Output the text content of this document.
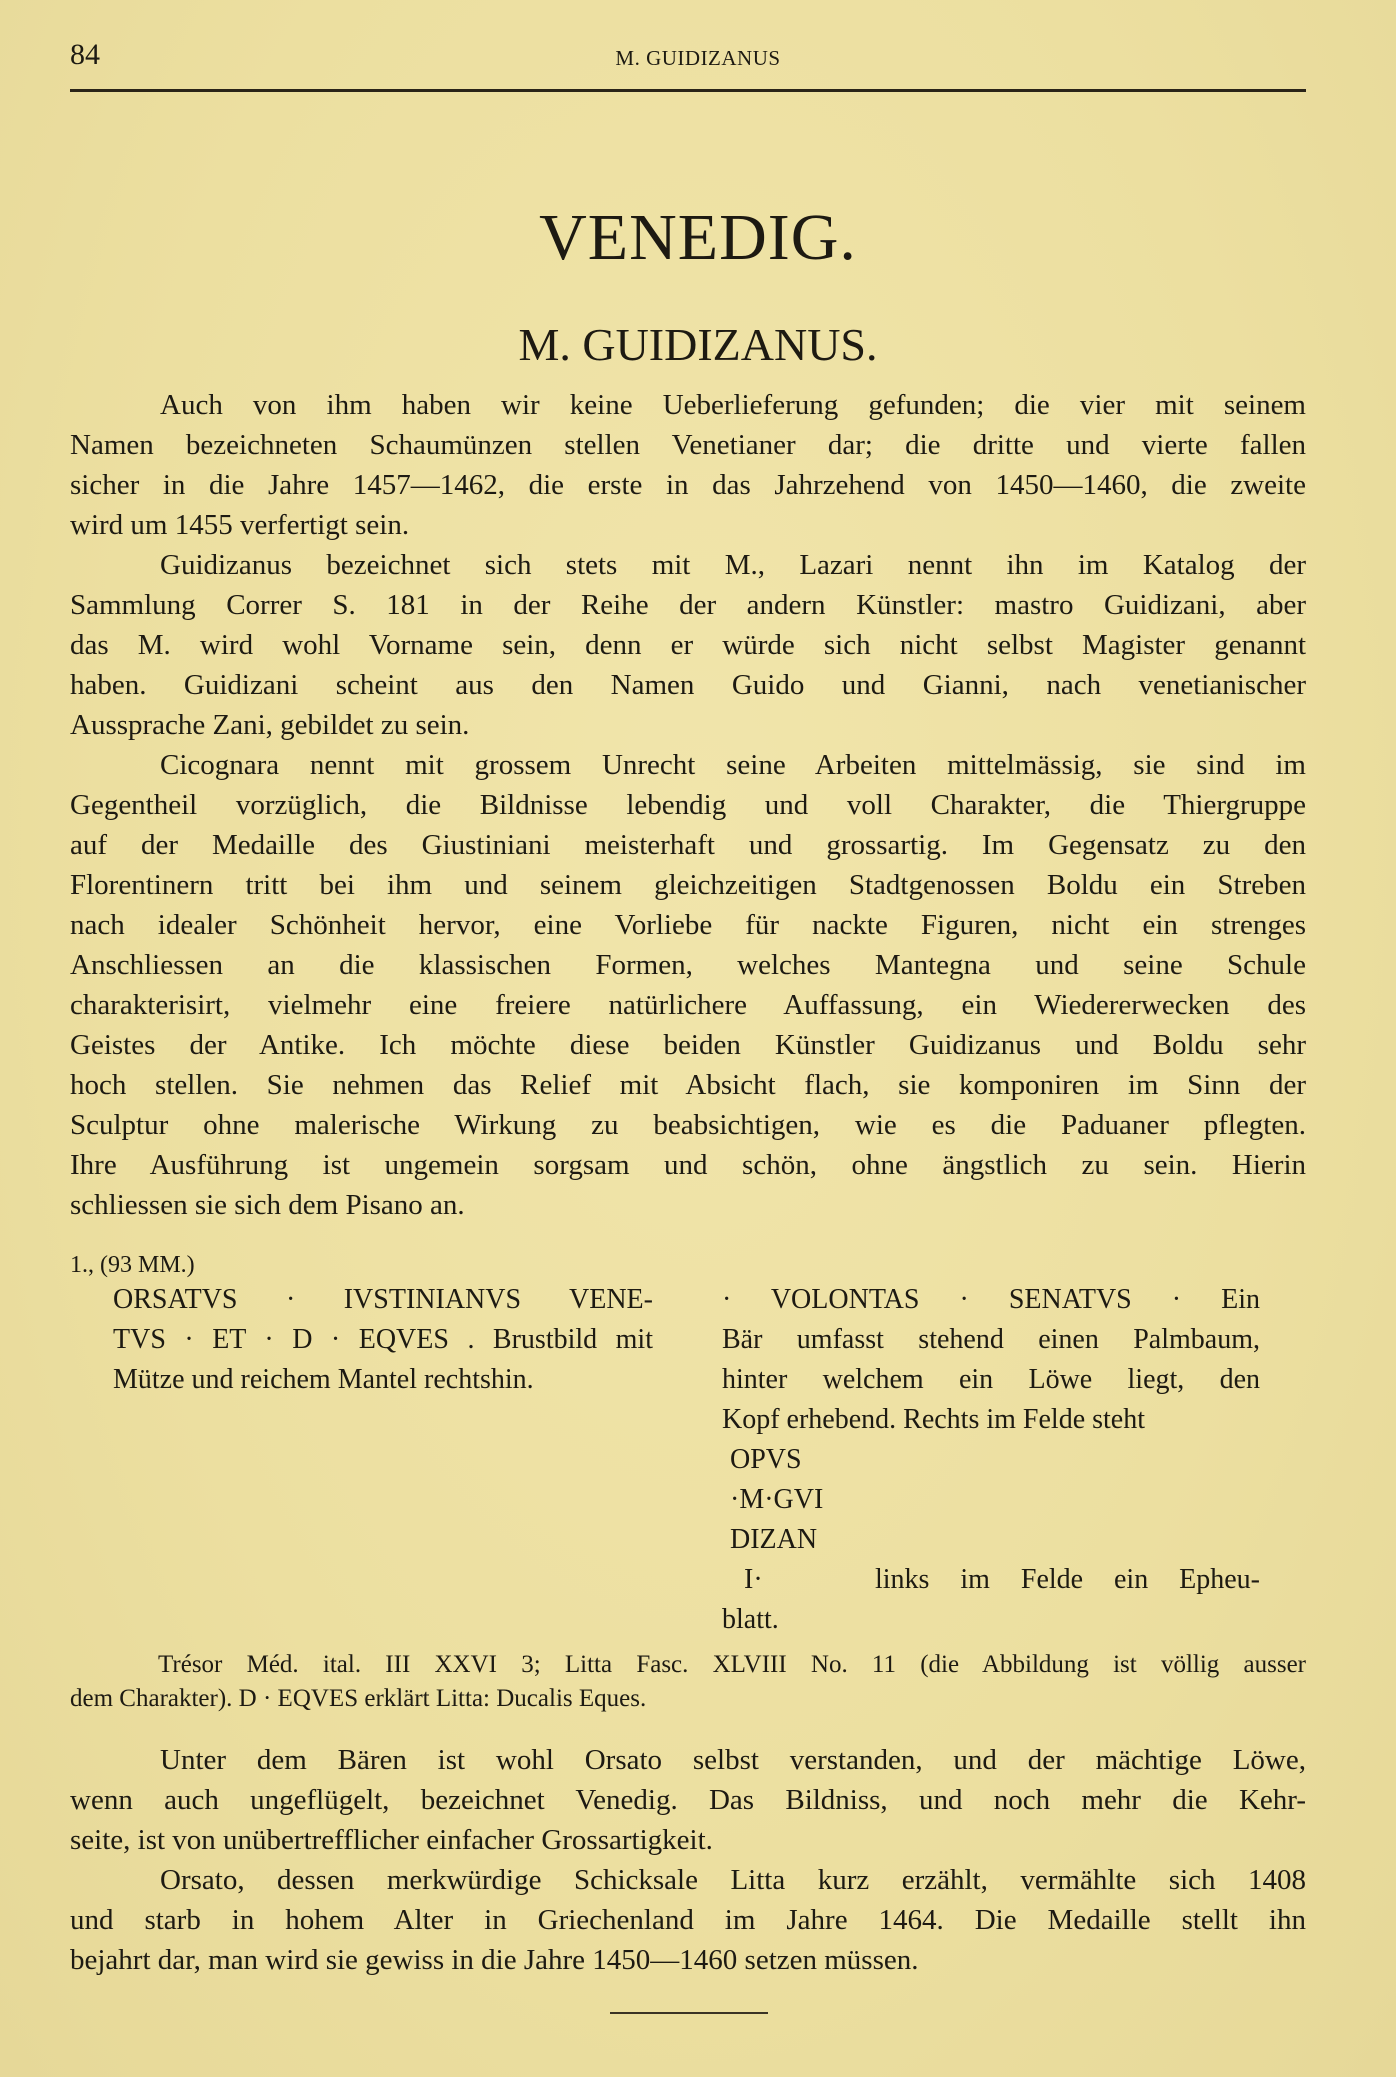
84	M. GUIDIZANUS
VENEDIG.
M. GUIDIZANUS.
Auch von ihm haben wir keine Ueberlieferung gefunden; die vier mit seinem
Namen bezeichneten Schaumünzen stellen Venetianer dar; die dritte und vierte fallen
sicher in die Jahre 1457—1462, die erste in das Jahrzehend von 1450—1460, die zweite
wird um 1455 verfertigt sein.
Guidizanus bezeichnet sich stets mit M., Lazari nennt ihn im Katalog der
Sammlung Correr S. 181 in der Reihe der andern Künstler: mastro Guidizani, aber
das M. wird wohl Vorname sein, denn er würde sich nicht selbst Magister genannt
haben. Guidizani scheint aus den Namen Guido und Gianni, nach venetianischer
Aussprache Zani, gebildet zu sein.
Cicognara nennt mit grossem Unrecht seine Arbeiten mittelmässig, sie sind im
Gegentheil vorzüglich, die Bildnisse lebendig und voll Charakter, die Thiergruppe
auf der Medaille des Giustiniani meisterhaft und grossartig. Im Gegensatz zu den
Florentinern tritt bei ihm und seinem gleichzeitigen Stadtgenossen Boldu ein Streben
nach idealer Schönheit hervor, eine Vorliebe für nackte Figuren, nicht ein strenges
Anschliessen an die klassischen Formen, welches Mantegna und seine Schule
charakterisirt, vielmehr eine freiere natürlichere Auffassung, ein Wiedererwecken des
Geistes der Antike. Ich möchte diese beiden Künstler Guidizanus und Boldu sehr
hoch stellen. Sie nehmen das Relief mit Absicht flach, sie komponiren im Sinn der
Sculptur ohne malerische Wirkung zu beabsichtigen, wie es die Paduaner pflegten.
Ihre Ausführung ist ungemein sorgsam und schön, ohne ängstlich zu sein. Hierin
schliessen sie sich dem Pisano an.
1., (93 MM.)
ORSATVS · IVSTINIANVS VENE-
TVS · ET · D · EQVES . Brustbild mit
Mütze und reichem Mantel rechtshin.
· VOLONTAS · SENATVS · Ein
Bär umfasst stehend einen Palmbaum,
hinter welchem ein Löwe liegt, den
Kopf erhebend. Rechts im Felde steht
OPVS
·M·GVI
DIZAN
I·	links im Felde ein Epheu-
blatt.
Trésor Méd. ital. III XXVI 3; Litta Fasc. XLVIII No. 11 (die Abbildung ist völlig ausser
dem Charakter). D · EQVES erklärt Litta: Ducalis Eques.
Unter dem Bären ist wohl Orsato selbst verstanden, und der mächtige Löwe,
wenn auch ungeflügelt, bezeichnet Venedig. Das Bildniss, und noch mehr die Kehr-
seite, ist von unübertrefflicher einfacher Grossartigkeit.
Orsato, dessen merkwürdige Schicksale Litta kurz erzählt, vermählte sich 1408
und starb in hohem Alter in Griechenland im Jahre 1464. Die Medaille stellt ihn
bejahrt dar, man wird sie gewiss in die Jahre 1450—1460 setzen müssen.
